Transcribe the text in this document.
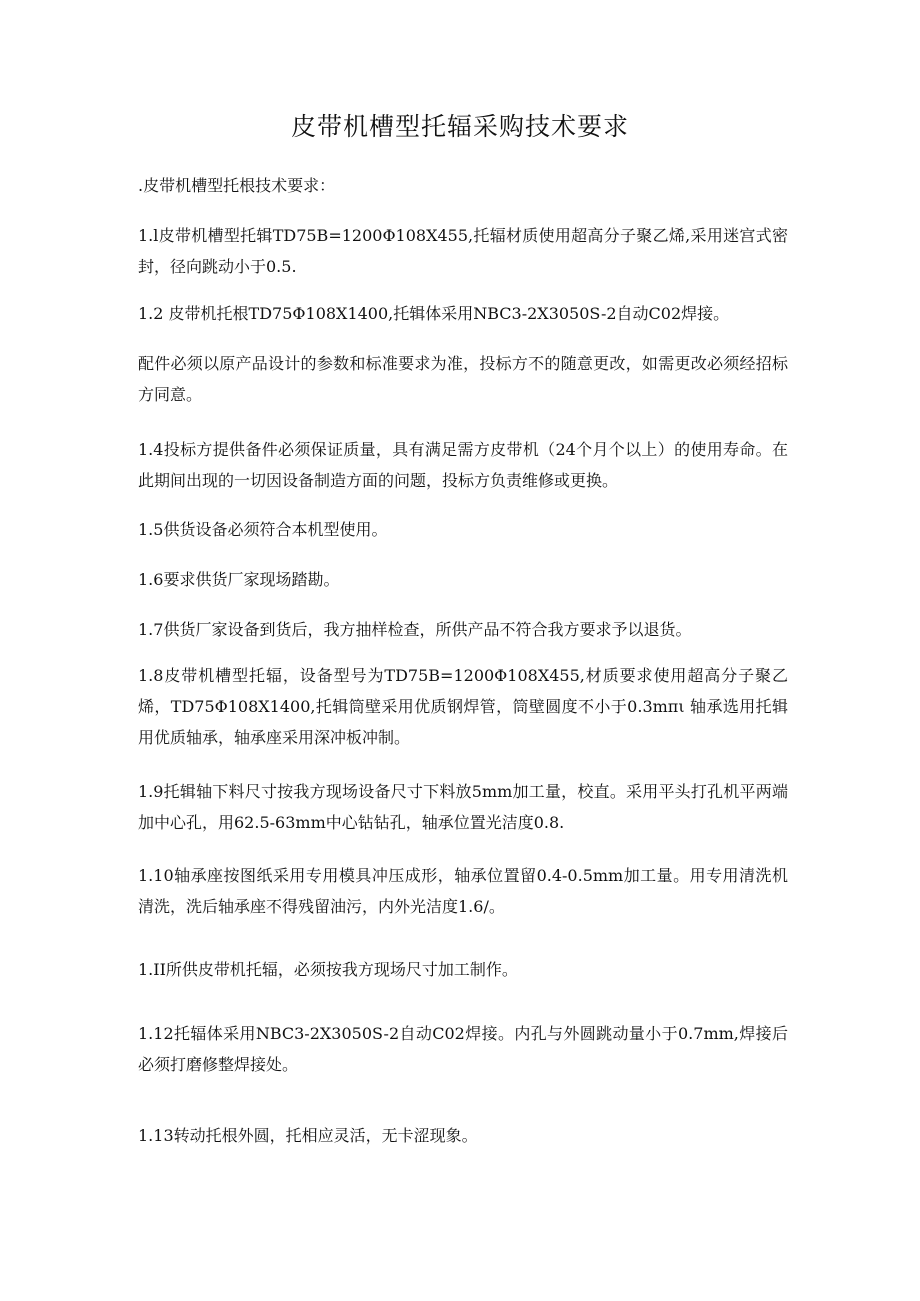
皮带机槽型托辐采购技术要求

.皮带机槽型托根技术要求：

1.l皮带机槽型托辑TD75B=1200Φ108X455,托辐材质使用超高分子聚乙烯,采用迷宫式密封，径向跳动小于0.5.

1.2 皮带机托根TD75Φ108X1400,托辑体采用NBC3-2X3050S-2自动C02焊接。

配件必须以原产品设计的参数和标准要求为准，投标方不的随意更改，如需更改必须经招标方同意。

1.4投标方提供备件必须保证质量，具有满足需方皮带机（24个月个以上）的使用寿命。在此期间出现的一切因设备制造方面的问题，投标方负责维修或更换。

1.5供货设备必须符合本机型使用。

1.6要求供货厂家现场踏勘。

1.7供货厂家设备到货后，我方抽样检查，所供产品不符合我方要求予以退货。

1.8皮带机槽型托辐，设备型号为TD75B=1200Φ108X455,材质要求使用超高分子聚乙烯，TD75Φ108X1400,托辑筒壁采用优质钢焊管，筒壁圆度不小于0.3mπι 轴承选用托辑用优质轴承，轴承座采用深冲板冲制。

1.9托辑轴下料尺寸按我方现场设备尺寸下料放5mm加工量，校直。采用平头打孔机平两端加中心孔，用62.5-63mm中心钻钻孔，轴承位置光洁度0.8.

1.10轴承座按图纸采用专用模具冲压成形，轴承位置留0.4-0.5mm加工量。用专用清洗机清洗，洗后轴承座不得残留油污，内外光洁度1.6/。

1.II所供皮带机托辐，必须按我方现场尺寸加工制作。

1.12托辐体采用NBC3-2X3050S-2自动C02焊接。内孔与外圆跳动量小于0.7mm,焊接后必须打磨修整焊接处。

1.13转动托根外圆，托相应灵活，无卡涩现象。
